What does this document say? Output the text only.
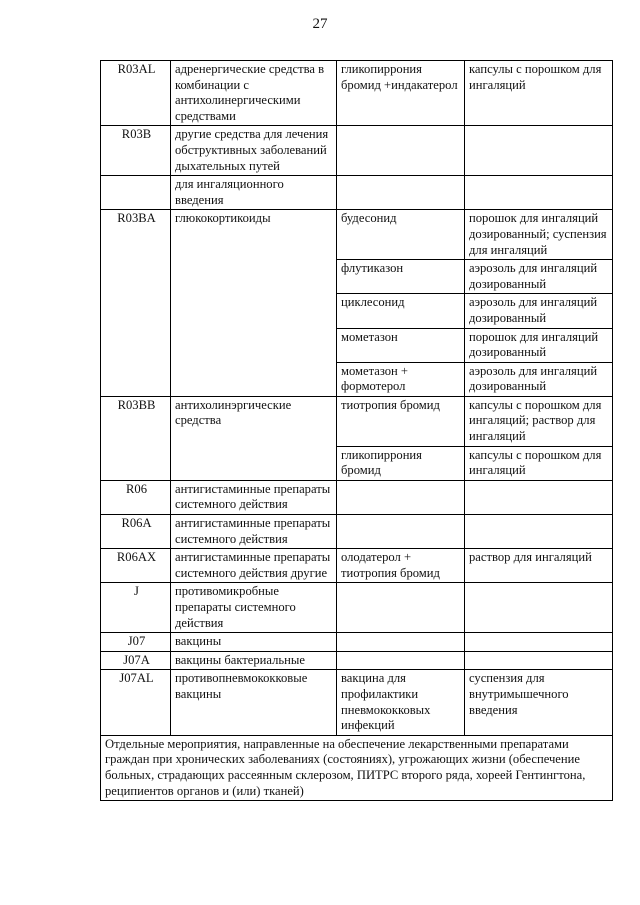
27
R03AL	адренергические средства в комбинации с антихолинергическими средствами	гликопиррония бромид +индакатерол	капсулы с порошком для ингаляций
R03B	другие средства для лечения обструктивных заболеваний дыхательных путей		
	для ингаляционного введения		
R03BA	глюкокортикоиды	будесонид	порошок для ингаляций дозированный; суспензия для ингаляций
		флутиказон	аэрозоль для ингаляций дозированный
		циклесонид	аэрозоль для ингаляций дозированный
		мометазон	порошок для ингаляций дозированный
		мометазон + формотерол	аэрозоль для ингаляций дозированный
R03BB	антихолинэргические средства	тиотропия бромид	капсулы с порошком для ингаляций; раствор для ингаляций
		гликопиррония бромид	капсулы с порошком для ингаляций
R06	антигистаминные препараты системного действия		
R06A	антигистаминные препараты системного действия		
R06AX	антигистаминные препараты системного действия другие	олодатерол + тиотропия бромид	раствор для ингаляций
J	противомикробные препараты системного действия		
J07	вакцины		
J07A	вакцины бактериальные		
J07AL	противопневмококковые вакцины	вакцина для профилактики пневмококковых инфекций	суспензия для внутримышечного введения
Отдельные мероприятия, направленные на обеспечение лекарственными препаратами граждан при хронических заболеваниях (состояниях), угрожающих жизни (обеспечение больных, страдающих рассеянным склерозом, ПИТРС второго ряда, хореей Гентингтона, реципиентов органов и (или) тканей)			
